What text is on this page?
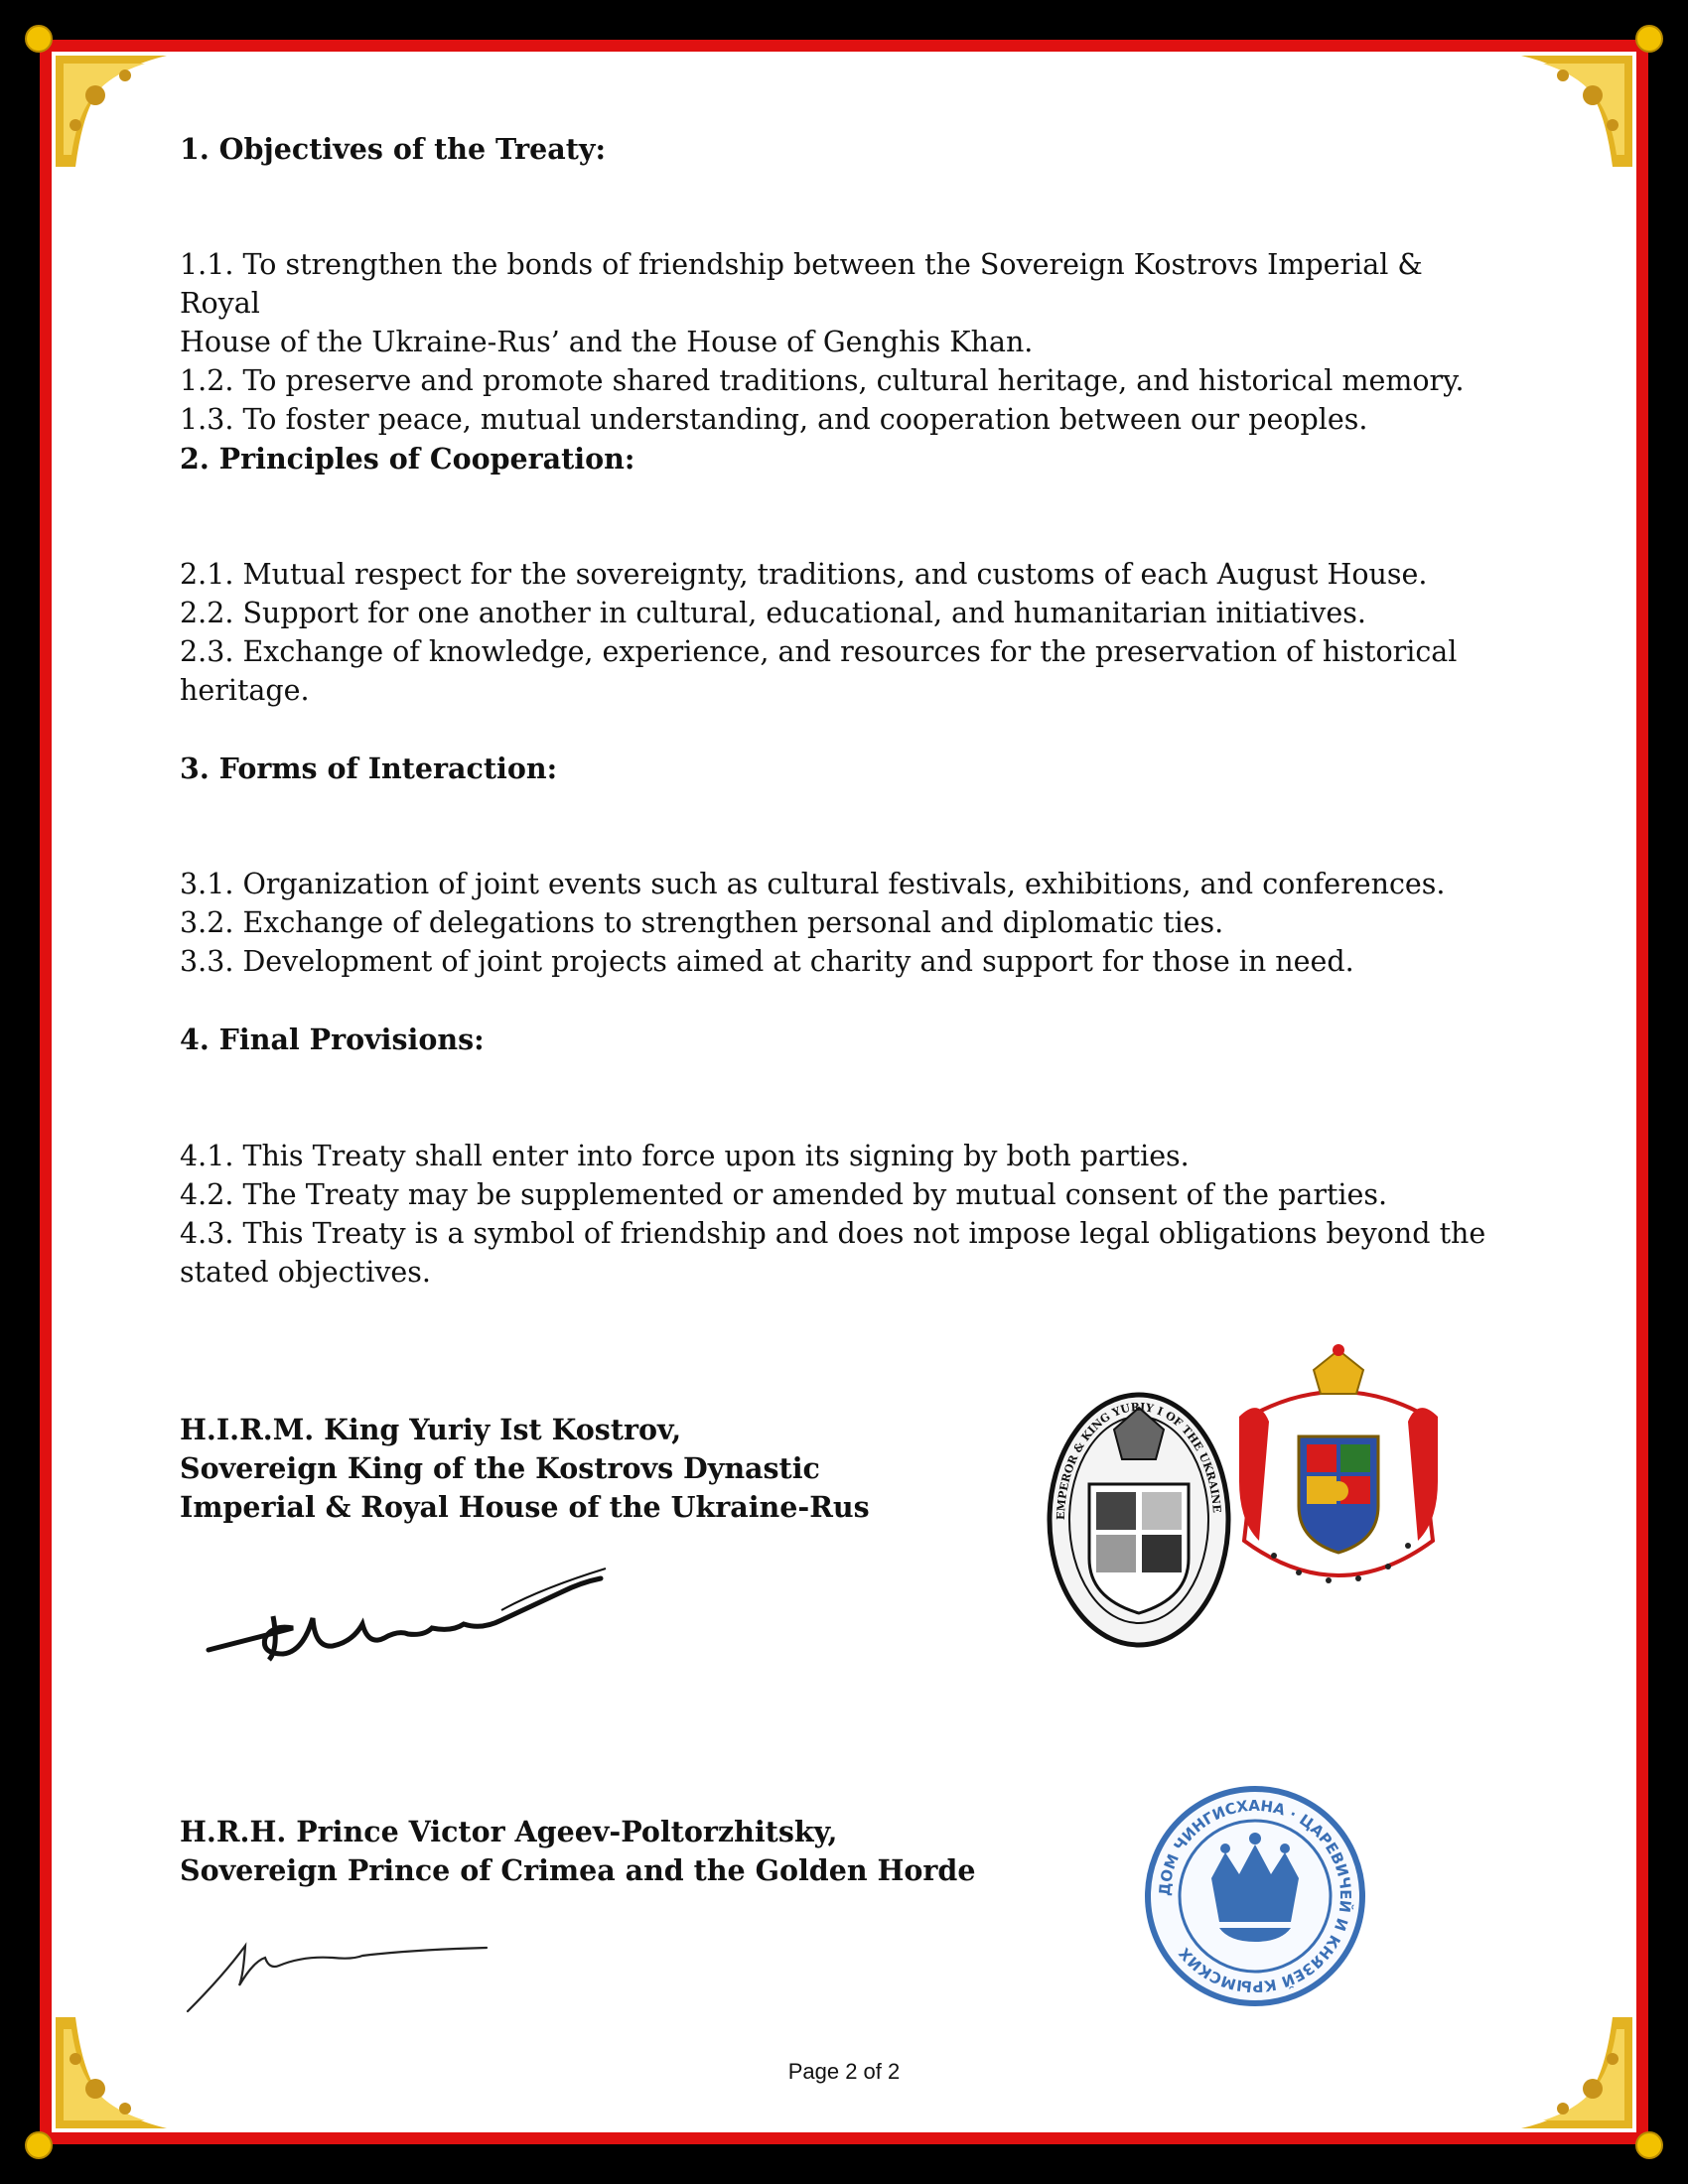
1. Objectives of the Treaty:
1.1. To strengthen the bonds of friendship between the Sovereign Kostrovs Imperial & Royal
House of the Ukraine-Rus’ and the House of Genghis Khan.
1.2. To preserve and promote shared traditions, cultural heritage, and historical memory.
1.3. To foster peace, mutual understanding, and cooperation between our peoples.
2. Principles of Cooperation:
2.1. Mutual respect for the sovereignty, traditions, and customs of each August House.
2.2. Support for one another in cultural, educational, and humanitarian initiatives.
2.3. Exchange of knowledge, experience, and resources for the preservation of historical
heritage.
3. Forms of Interaction:
3.1. Organization of joint events such as cultural festivals, exhibitions, and conferences.
3.2. Exchange of delegations to strengthen personal and diplomatic ties.
3.3. Development of joint projects aimed at charity and support for those in need.
4. Final Provisions:
4.1. This Treaty shall enter into force upon its signing by both parties.
4.2. The Treaty may be supplemented or amended by mutual consent of the parties.
4.3. This Treaty is a symbol of friendship and does not impose legal obligations beyond the
stated objectives.
H.I.R.M. King Yuriy Ist Kostrov,
Sovereign King of the Kostrovs Dynastic
Imperial & Royal House of the Ukraine-Rus
H.R.H. Prince Victor Ageev-Poltorzhitsky,
Sovereign Prince of Crimea and the Golden Horde
EMPEROR & KING YURIY I OF THE UKRAINE
ДОМ ЧИНГИСХАНА · ЦАРЕВИЧЕЙ И КНЯЗЕЙ КРЫМСКИХ
Page 2 of 2
